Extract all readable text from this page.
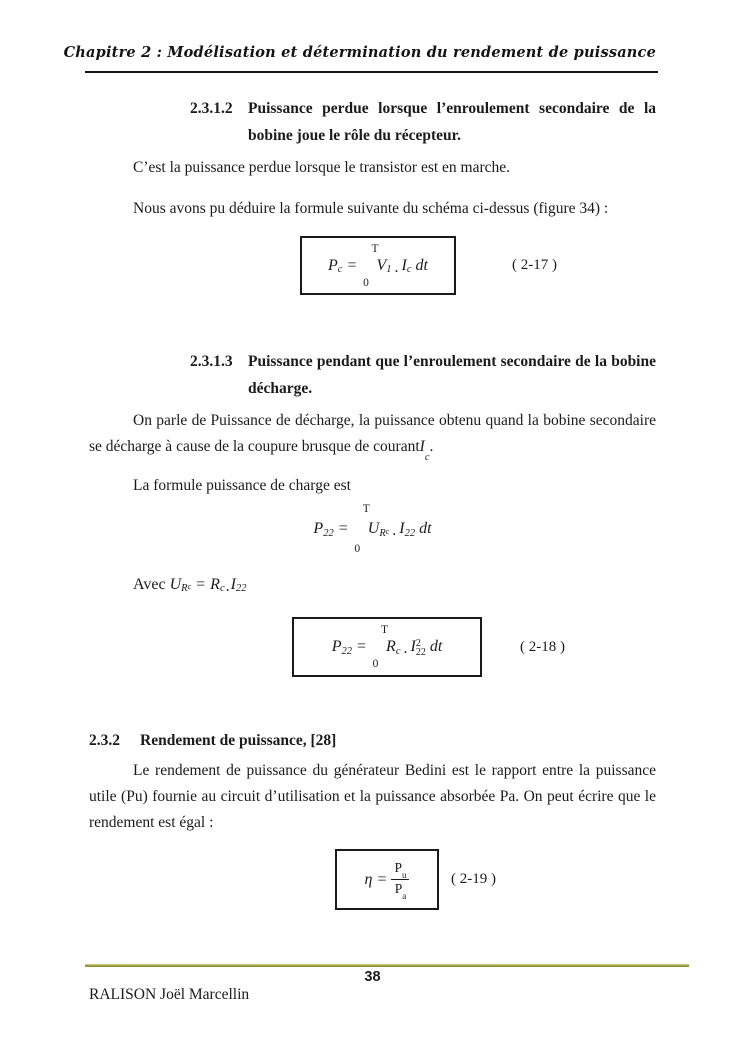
Chapitre 2 : Modélisation et détermination du rendement de puissance
2.3.1.2 Puissance perdue lorsque l’enroulement secondaire de la bobine joue le rôle du récepteur.
C’est la puissance perdue lorsque le transistor est en marche.
Nous avons pu déduire la formule suivante du schéma ci-dessus (figure 34) :
P c =
T
0
V 1 . I c dt	( 2-17 )
2.3.1.3 Puissance pendant que l’enroulement secondaire de la bobine décharge.
On parle de Puissance de décharge, la puissance obtenu quand la bobine secondaire se décharge à cause de la coupure brusque de courantI$_c$.
La formule puissance de charge est
P 22 =
T
0
U R c . I 22 dt
Avec U R c = R c . I 22
P 22 =
T
0
R c . I 2
22 dt	( 2-18 )
2.3.2	Rendement de puissance, [28]
Le rendement de puissance du générateur Bedini est le rapport entre la puissance utile (Pu) fournie au circuit d’utilisation et la puissance absorbée Pa. On peut écrire que le rendement est égal :
$\eta = \frac{P_u}{P_a}$	( 2-19 )
38
RALISON Joël Marcellin
